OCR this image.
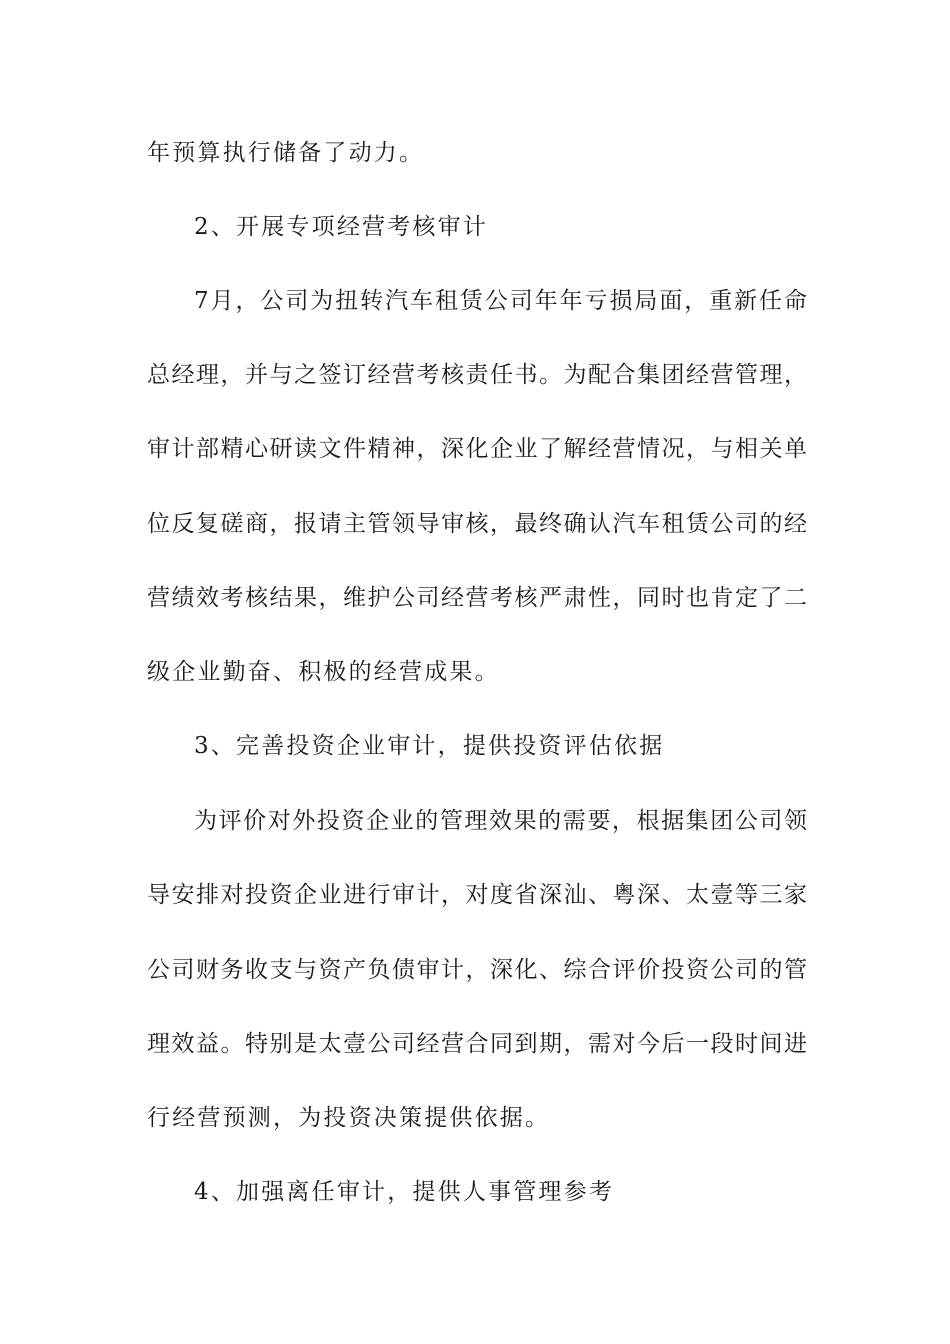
年预算执行储备了动力。
2、开展专项经营考核审计
7月，公司为扭转汽车租赁公司年年亏损局面，重新任命
总经理，并与之签订经营考核责任书。为配合集团经营管理，
审计部精心研读文件精神，深化企业了解经营情况，与相关单
位反复磋商，报请主管领导审核，最终确认汽车租赁公司的经
营绩效考核结果，维护公司经营考核严肃性，同时也肯定了二
级企业勤奋、积极的经营成果。
3、完善投资企业审计，提供投资评估依据
为评价对外投资企业的管理效果的需要，根据集团公司领
导安排对投资企业进行审计，对度省深汕、粤深、太壹等三家
公司财务收支与资产负债审计，深化、综合评价投资公司的管
理效益。特别是太壹公司经营合同到期，需对今后一段时间进
行经营预测，为投资决策提供依据。
4、加强离任审计，提供人事管理参考
